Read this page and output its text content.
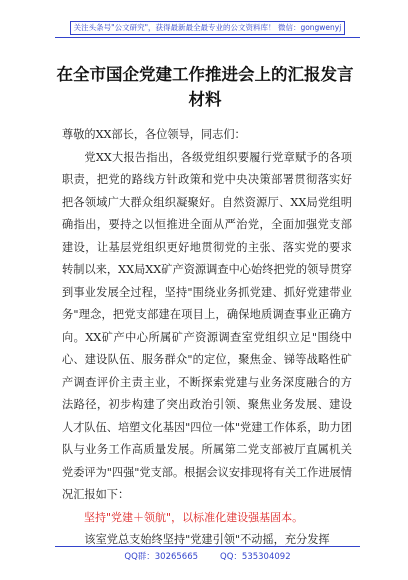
关注头条号"公文研究"，获得最新最全最专业的公文资料库！ 微信：gongwenyj
在全市国企党建工作推进会上的汇报发言
材料

尊敬的XX部长，各位领导，同志们：

党XX大报告指出，各级党组织要履行党章赋予的各项职责，把党的路线方针政策和党中央决策部署贯彻落实好把各领域广大群众组织凝聚好。自然资源厅、XX局党组明确指出，要持之以恒推进全面从严治党，全面加强党支部建设，让基层党组织更好地贯彻党的主张、落实党的要求转制以来，XX局XX矿产资源调查中心始终把党的领导贯穿到事业发展全过程，坚持"围绕业务抓党建、抓好党建带业务"理念，把党支部建在项目上，确保地质调查事业正确方向。XX矿产中心所属矿产资源调查室党组织立足"围绕中心、建设队伍、服务群众"的定位，聚焦金、锑等战略性矿产调查评价主责主业，不断探索党建与业务深度融合的方法路径，初步构建了突出政治引领、聚焦业务发展、建设人才队伍、培塑文化基因"四位一体"党建工作体系，助力团队与业务工作高质量发展。所属第二党支部被厅直属机关党委评为"四强"党支部。根据会议安排现将有关工作进展情况汇报如下：

坚持"党建＋领航"，以标准化建设强基固本。

该室党总支始终坚持"党建引领"不动摇，充分发挥

QQ群：30265665	QQ：535304092
